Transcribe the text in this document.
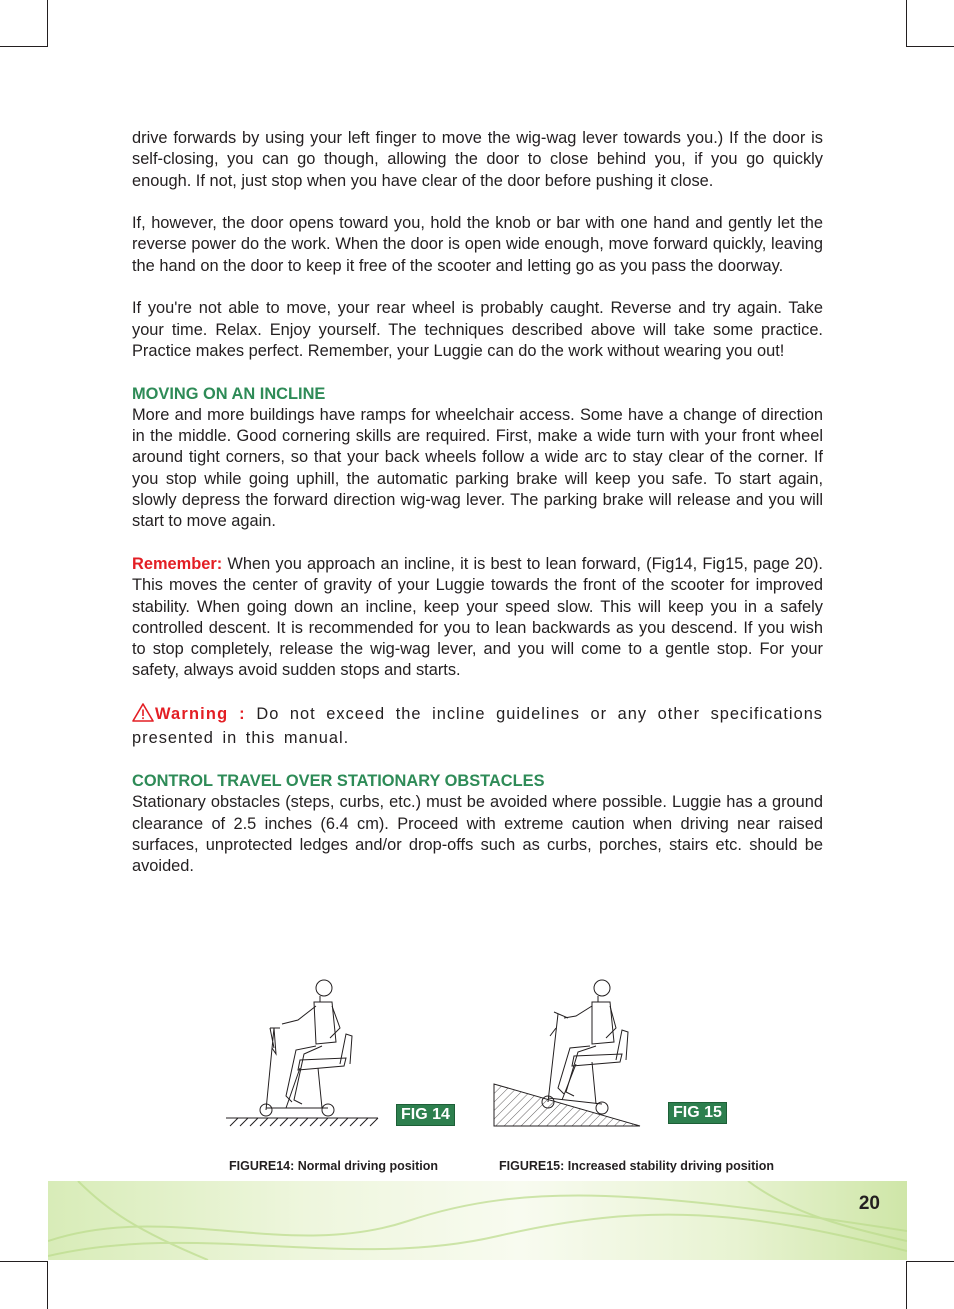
drive forwards by using your left finger to move the wig-wag lever towards you.) If the door is self-closing, you can go though, allowing the door to close behind you, if you go quickly enough. If not, just stop when you have clear of the door before pushing it close.

If, however, the door opens toward you, hold the knob or bar with one hand and gently let the reverse power do the work. When the door is open wide enough, move forward quickly, leaving the hand on the door to keep it free of the scooter and letting go as you pass the doorway.

If you're not able to move, your rear wheel is probably caught. Reverse and try again. Take your time. Relax. Enjoy yourself. The techniques described above will take some practice. Practice makes perfect. Remember, your Luggie can do the work without wearing you out!

MOVING ON AN INCLINE

More and more buildings have ramps for wheelchair access. Some have a change of direction in the middle. Good cornering skills are required. First, make a wide turn with your front wheel around tight corners, so that your back wheels follow a wide arc to stay clear of the corner. If you stop while going uphill, the automatic parking brake will keep you safe. To start again, slowly depress the forward direction wig-wag lever. The parking brake will release and you will start to move again.

Remember: When you approach an incline, it is best to lean forward, (Fig14, Fig15, page 20). This moves the center of gravity of your Luggie towards the front of the scooter for improved stability. When going down an incline, keep your speed slow. This will keep you in a safely controlled descent. It is recommended for you to lean backwards as you descend. If you wish to stop completely, release the wig-wag lever, and you will come to a gentle stop. For your safety, always avoid sudden stops and starts.

Warning : Do not exceed the incline guidelines or any other specifications presented in this manual.

CONTROL TRAVEL OVER STATIONARY OBSTACLES

Stationary obstacles (steps, curbs, etc.) must be avoided where possible. Luggie has a ground clearance of 2.5 inches (6.4 cm). Proceed with extreme caution when driving near raised surfaces, unprotected ledges and/or drop-offs such as curbs, porches, stairs etc. should be avoided.

FIG 14
FIGURE14: Normal driving position
FIG 15
FIGURE15: Increased stability driving position
20
